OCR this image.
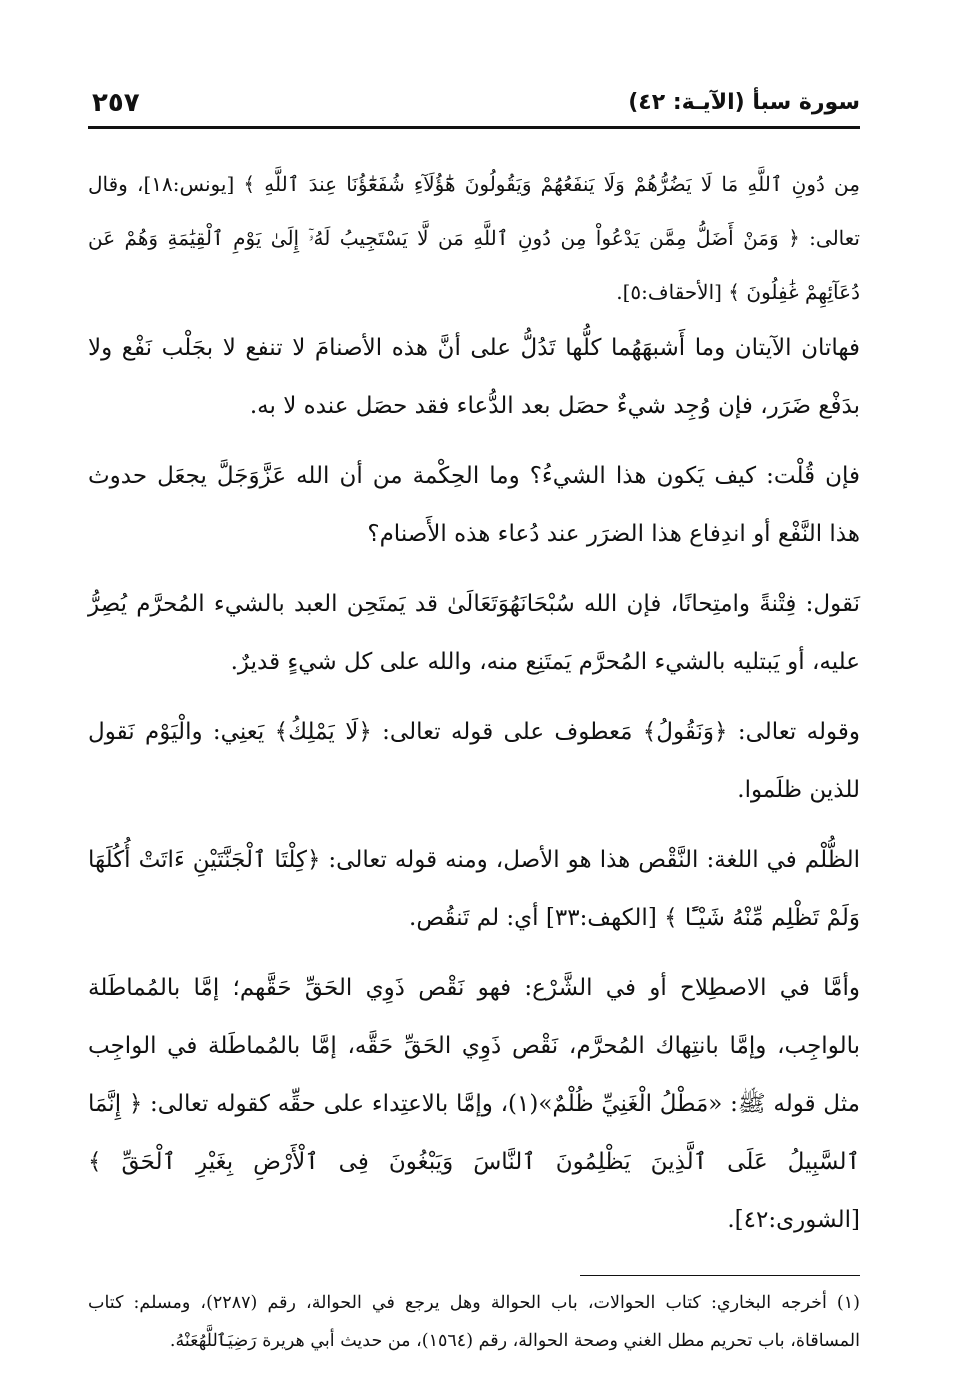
سورة سبأ (الآيـة: ٤٢)
٢٥٧

مِن دُونِ ٱللَّهِ مَا لَا يَضُرُّهُمْ وَلَا يَنفَعُهُمْ وَيَقُولُونَ هَٰٓؤُلَآءِ شُفَعَٰٓؤُنَا عِندَ ٱللَّهِ ﴾ [يونس:١٨]، وقال تعالى: ﴿ وَمَنْ أَضَلُّ مِمَّن يَدْعُواْ مِن دُونِ ٱللَّهِ مَن لَّا يَسْتَجِيبُ لَهُۥٓ إِلَىٰ يَوْمِ ٱلْقِيَٰمَةِ وَهُمْ عَن دُعَآئِهِمْ غَٰفِلُونَ ﴾ [الأحقاف:٥].

فهاتان الآيتان وما أَشبهَهُما كلُّها تَدُلُّ على أنَّ هذه الأصنامَ لا تنفع لا بجَلْب نَفْع ولا بدَفْع ضَرَر، فإن وُجِد شيءٌ حصَل بعد الدُّعاء فقد حصَل عنده لا به.

فإن قُلْت: كيف يَكون هذا الشيءُ؟ وما الحِكْمة من أن الله عَزَّوَجَلَّ يجعَل حدوث هذا النَّفْع أو اندِفاع هذا الضرَر عند دُعاء هذه الأَصنام؟

نَقول: فِتْنةً وامتِحانًا، فإن الله سُبْحَانَهُوَتَعَالَىٰ قد يَمتَحِن العبد بالشيء المُحرَّم يُصِرُّ عليه، أو يَبتليه بالشيء المُحرَّم يَمتَنِع منه، والله على كل شيءٍ قديرٌ.

وقوله تعالى: ﴿وَنَقُولُ﴾ مَعطوف على قوله تعالى: ﴿لَا يَمْلِكُ﴾ يَعنِي: والْيَوْم نَقول للذين ظلَموا.

الظُّلْم في اللغة: النَّقْص هذا هو الأصل، ومنه قوله تعالى: ﴿كِلْتَا ٱلْجَنَّتَيْنِ ءَاتَتْ أُكُلَهَا وَلَمْ تَظْلِم مِّنْهُ شَيْـًٔا ﴾ [الكهف:٣٣] أي: لم تَنقُص.

وأمَّا في الاصطِلاح أو في الشَّرْع: فهو نَقْص ذَوِي الحَقِّ حَقَّهم؛ إمَّا بالمُماطَلة بالواجِب، وإمَّا بانتِهاك المُحرَّم، نَقْص ذَوِي الحَقِّ حَقَّه، إمَّا بالمُماطَلة في الواجِب مثل قوله ﷺ: «مَطْلُ الْغَنِيِّ ظُلْمٌ»(١)، وإمَّا بالاعتِداء على حقِّه كقوله تعالى: ﴿ إِنَّمَا ٱلسَّبِيلُ عَلَى ٱلَّذِينَ يَظْلِمُونَ ٱلنَّاسَ وَيَبْغُونَ فِى ٱلْأَرْضِ بِغَيْرِ ٱلْحَقِّ ﴾ [الشورى:٤٢].

(١) أخرجه البخاري: كتاب الحوالات، باب الحوالة وهل يرجع في الحوالة، رقم (٢٢٨٧)، ومسلم: كتاب المساقاة، باب تحريم مطل الغني وصحة الحوالة، رقم (١٥٦٤)، من حديث أبي هريرة رَضِيَٱللَّهُعَنْهُ.
